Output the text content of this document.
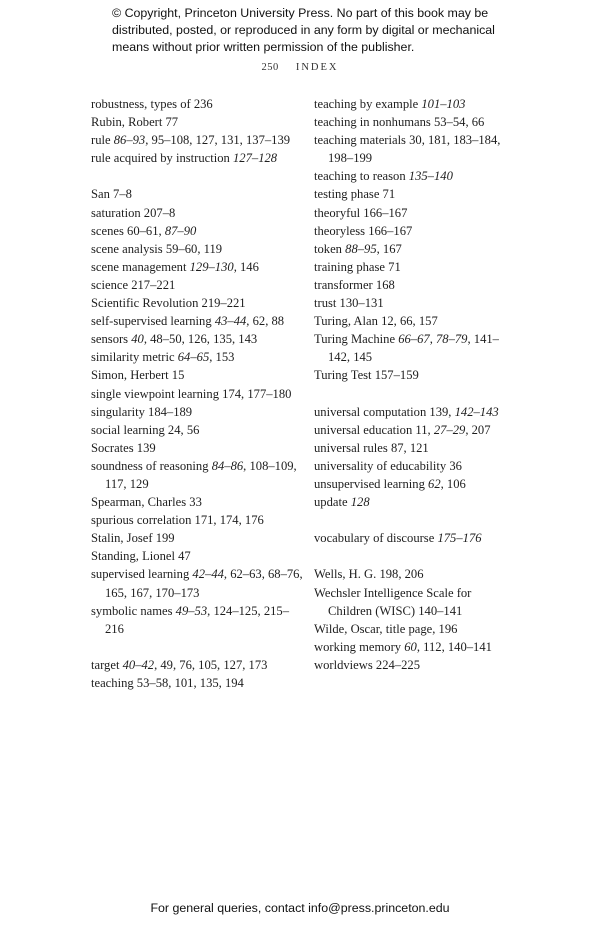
© Copyright, Princeton University Press. No part of this book may be distributed, posted, or reproduced in any form by digital or mechanical means without prior written permission of the publisher.
250 INDEX
robustness, types of 236
Rubin, Robert 77
rule 86–93, 95–108, 127, 131, 137–139
rule acquired by instruction 127–128
San 7–8
saturation 207–8
scenes 60–61, 87–90
scene analysis 59–60, 119
scene management 129–130, 146
science 217–221
Scientific Revolution 219–221
self-supervised learning 43–44, 62, 88
sensors 40, 48–50, 126, 135, 143
similarity metric 64–65, 153
Simon, Herbert 15
single viewpoint learning 174, 177–180
singularity 184–189
social learning 24, 56
Socrates 139
soundness of reasoning 84–86, 108–109, 117, 129
Spearman, Charles 33
spurious correlation 171, 174, 176
Stalin, Josef 199
Standing, Lionel 47
supervised learning 42–44, 62–63, 68–76, 165, 167, 170–173
symbolic names 49–53, 124–125, 215–216
target 40–42, 49, 76, 105, 127, 173
teaching 53–58, 101, 135, 194
teaching by example 101–103
teaching in nonhumans 53–54, 66
teaching materials 30, 181, 183–184, 198–199
teaching to reason 135–140
testing phase 71
theoryful 166–167
theoryless 166–167
token 88–95, 167
training phase 71
transformer 168
trust 130–131
Turing, Alan 12, 66, 157
Turing Machine 66–67, 78–79, 141–142, 145
Turing Test 157–159
universal computation 139, 142–143
universal education 11, 27–29, 207
universal rules 87, 121
universality of educability 36
unsupervised learning 62, 106
update 128
vocabulary of discourse 175–176
Wells, H. G. 198, 206
Wechsler Intelligence Scale for Children (WISC) 140–141
Wilde, Oscar, title page, 196
working memory 60, 112, 140–141
worldviews 224–225
For general queries, contact info@press.princeton.edu
